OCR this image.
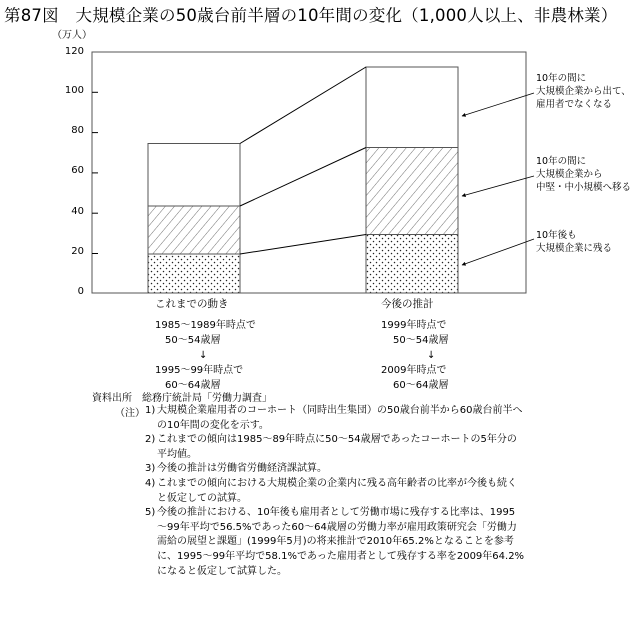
第87図　大規模企業の50歳台前半層の10年間の変化（1,000人以上、非農林業）
（万人）
120
100
80
60
40
20
0
これまでの動き	今後の推計
1985～1989年時点で
50～54歳層
↓
1995～99年時点で
60～64歳層
1999年時点で
50～54歳層
↓
2009年時点で
60～64歳層
10年の間に
大規模企業から出て、
雇用者でなくなる
10年の間に
大規模企業から
中堅・中小規模へ移る
10年後も
大規模企業に残る
資料出所　総務庁統計局「労働力調査」
（注） 1) 大規模企業雇用者のコーホート（同時出生集団）の50歳台前半から60歳台前半への10年間の変化を示す。
2) これまでの傾向は1985～89年時点に50～54歳層であったコーホートの5年分の平均値。
3) 今後の推計は労働省労働経済課試算。
4) これまでの傾向における大規模企業の企業内に残る高年齢者の比率が今後も続くと仮定しての試算。
5) 今後の推計における、10年後も雇用者として労働市場に残存する比率は、1995～99年平均で56.5%であった60～64歳層の労働力率が雇用政策研究会「労働力需給の展望と課題」(1999年5月)の将来推計で2010年65.2%となることを参考に、1995～99年平均で58.1%であった雇用者として残存する率を2009年64.2%になると仮定して試算した。
